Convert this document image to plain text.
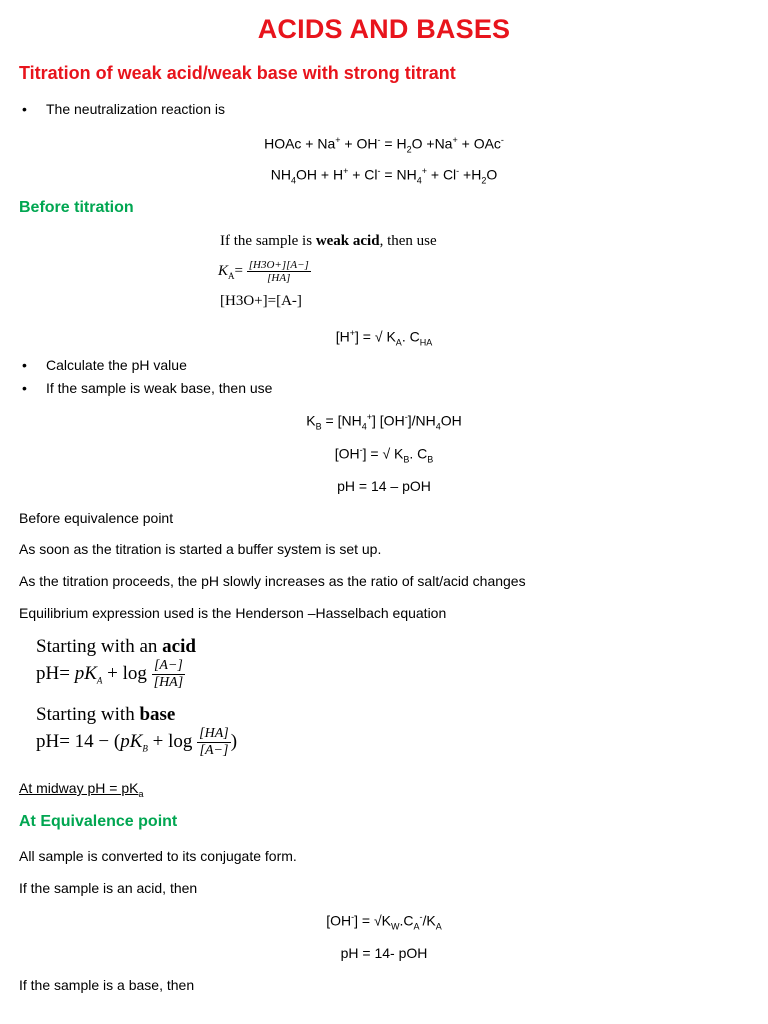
ACIDS AND BASES
Titration of weak acid/weak base with strong titrant
• The neutralization reaction is
HOAc + $Na^+ + OH^- = H_2O +Na^+ + OAc^-$
$NH_4OH + H^+ + Cl^- = NH_4^+ + Cl^- +H_2O$
Before titration
If the sample is weak acid, then use
$K_A= \frac{[H3O+][A-]}{[HA]}$
[H3O+]=[A-]
[H+] = √ $K_A$. $C_{HA}$
• Calculate the pH value
• If the sample is weak base, then use
$K_B = [NH_4^+]$ $[OH^-]/NH_4OH$
[OH-] = √ $K_B$. $C_B$
pH = 14 – pOH
Before equivalence point
As soon as the titration is started a buffer system is set up.
As the titration proceeds, the pH slowly increases as the ratio of salt/acid changes
Equilibrium expression used is the Henderson –Hasselbach equation
Starting with an acid
$pH= pK_A + \log \frac{[A-]}{[HA]}$
Starting with base
$pH= 14 - (pK_B + \log \frac{[HA]}{[A-]}$ )
At midway pH = $pK_a$
At Equivalence point
All sample is converted to its conjugate form.
If the sample is an acid, then
$[OH^-] = √K_W.C_A^-/K_A$
pH = 14- pOH
If the sample is a base, then
